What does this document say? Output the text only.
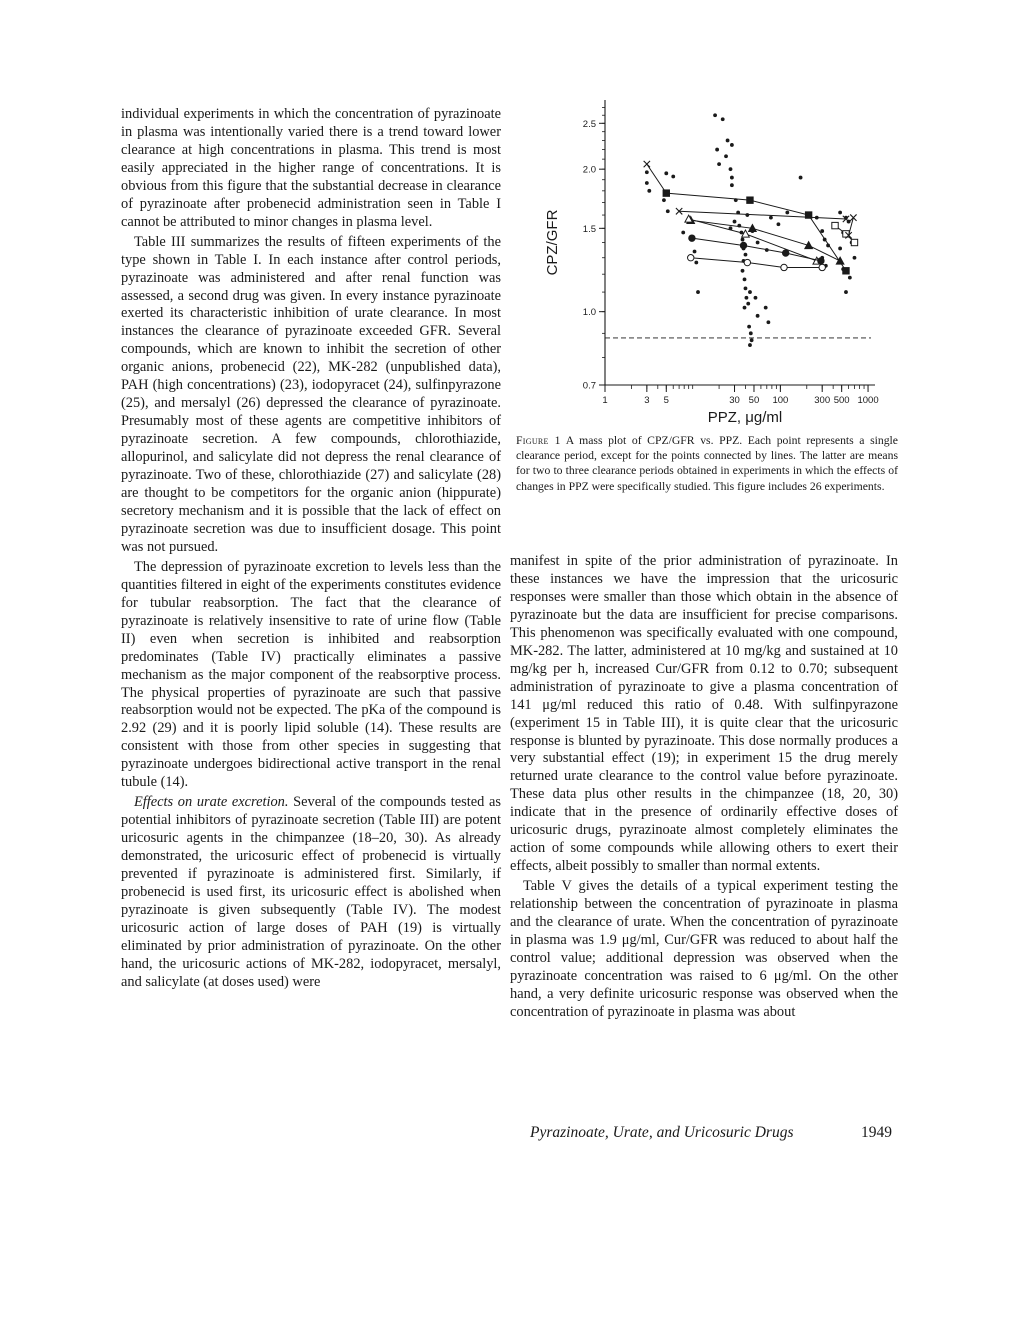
individual experiments in which the concentration of pyrazinoate in plasma was intentionally varied there is a trend toward lower clearance at high concentrations in plasma. This trend is most easily appreciated in the higher range of concentrations. It is obvious from this figure that the substantial decrease in clearance of pyrazinoate after probenecid administration seen in Table I cannot be attributed to minor changes in plasma level.

Table III summarizes the results of fifteen experiments of the type shown in Table I. In each instance after control periods, pyrazinoate was administered and after renal function was assessed, a second drug was given. In every instance pyrazinoate exerted its characteristic inhibition of urate clearance. In most instances the clearance of pyrazinoate exceeded GFR. Several compounds, which are known to inhibit the secretion of other organic anions, probenecid (22), MK-282 (unpublished data), PAH (high concentrations) (23), iodopyracet (24), sulfinpyrazone (25), and mersalyl (26) depressed the clearance of pyrazinoate. Presumably most of these agents are competitive inhibitors of pyrazinoate secretion. A few compounds, chlorothiazide, allopurinol, and salicylate did not depress the renal clearance of pyrazinoate. Two of these, chlorothiazide (27) and salicylate (28) are thought to be competitors for the organic anion (hippurate) secretory mechanism and it is possible that the lack of effect on pyrazinoate secretion was due to insufficient dosage. This point was not pursued.

The depression of pyrazinoate excretion to levels less than the quantities filtered in eight of the experiments constitutes evidence for tubular reabsorption. The fact that the clearance of pyrazinoate is relatively insensitive to rate of urine flow (Table II) even when secretion is inhibited and reabsorption predominates (Table IV) practically eliminates a passive mechanism as the major component of the reabsorptive process. The physical properties of pyrazinoate are such that passive reabsorption would not be expected. The pKa of the compound is 2.92 (29) and it is poorly lipid soluble (14). These results are consistent with those from other species in suggesting that pyrazinoate undergoes bidirectional active transport in the renal tubule (14).

Effects on urate excretion. Several of the compounds tested as potential inhibitors of pyrazinoate secretion (Table III) are potent uricosuric agents in the chimpanzee (18–20, 30). As already demonstrated, the uricosuric effect of probenecid is virtually prevented if pyrazinoate is administered first. Similarly, if probenecid is used first, its uricosuric effect is abolished when pyrazinoate is given subsequently (Table IV). The modest uricosuric action of large doses of PAH (19) is virtually eliminated by prior administration of pyrazinoate. On the other hand, the uricosuric actions of MK-282, iodopyracet, mersalyl, and salicylate (at doses used) were

0.7
1.0
1.5
2.0
2.5
1	3 5	30 50 100	300 500 1000
CPZ/GFR
PPZ, μg/ml
Figure 1 A mass plot of CPZ/GFR vs. PPZ. Each point represents a single clearance period, except for the points connected by lines. The latter are means for two to three clearance periods obtained in experiments in which the effects of changes in PPZ were specifically studied. This figure includes 26 experiments.

manifest in spite of the prior administration of pyrazinoate. In these instances we have the impression that the uricosuric responses were smaller than those which obtain in the absence of pyrazinoate but the data are insufficient for precise comparisons. This phenomenon was specifically evaluated with one compound, MK-282. The latter, administered at 10 mg/kg and sustained at 10 mg/kg per h, increased Cur/GFR from 0.12 to 0.70; subsequent administration of pyrazinoate to give a plasma concentration of 141 μg/ml reduced this ratio of 0.48. With sulfinpyrazone (experiment 15 in Table III), it is quite clear that the uricosuric response is blunted by pyrazinoate. This dose normally produces a very substantial effect (19); in experiment 15 the drug merely returned urate clearance to the control value before pyrazinoate. These data plus other results in the chimpanzee (18, 20, 30) indicate that in the presence of ordinarily effective doses of uricosuric drugs, pyrazinoate almost completely eliminates the action of some compounds while allowing others to exert their effects, albeit possibly to smaller than normal extents.

Table V gives the details of a typical experiment testing the relationship between the concentration of pyrazinoate in plasma and the clearance of urate. When the concentration of pyrazinoate in plasma was 1.9 μg/ml, Cur/GFR was reduced to about half the control value; additional depression was observed when the pyrazinoate concentration was raised to 6 μg/ml. On the other hand, a very definite uricosuric response was observed when the concentration of pyrazinoate in plasma was about

Pyrazinoate, Urate, and Uricosuric Drugs	1949
